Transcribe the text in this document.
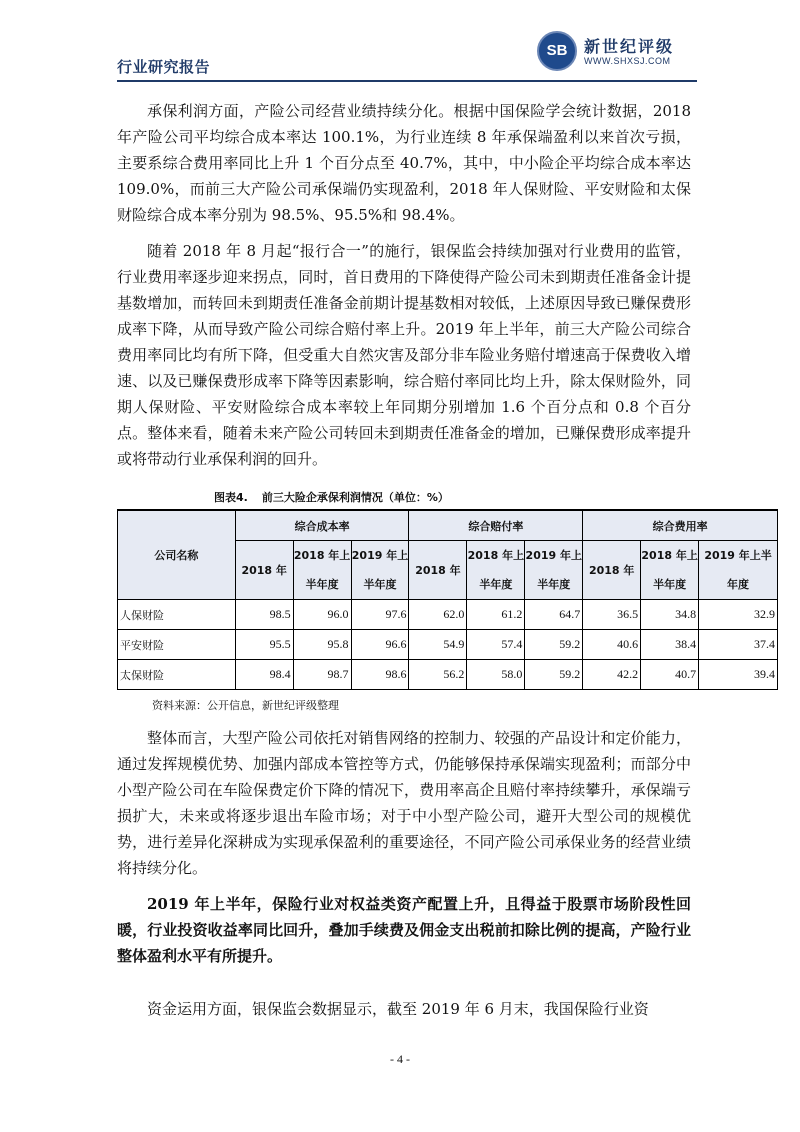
行业研究报告
SB	新世纪评级
WWW.SHXSJ.COM

承保利润方面，产险公司经营业绩持续分化。根据中国保险学会统计数据，2018年产险公司平均综合成本率达 100.1%，为行业连续 8 年承保端盈利以来首次亏损，主要系综合费用率同比上升 1 个百分点至 40.7%，其中，中小险企平均综合成本率达 109.0%，而前三大产险公司承保端仍实现盈利，2018 年人保财险、平安财险和太保财险综合成本率分别为 98.5%、95.5%和 98.4%。

随着 2018 年 8 月起“报行合一”的施行，银保监会持续加强对行业费用的监管，行业费用率逐步迎来拐点，同时，首日费用的下降使得产险公司未到期责任准备金计提基数增加，而转回未到期责任准备金前期计提基数相对较低，上述原因导致已赚保费形成率下降，从而导致产险公司综合赔付率上升。2019 年上半年，前三大产险公司综合费用率同比均有所下降，但受重大自然灾害及部分非车险业务赔付增速高于保费收入增速、以及已赚保费形成率下降等因素影响，综合赔付率同比均上升，除太保财险外，同期人保财险、平安财险综合成本率较上年同期分别增加 1.6 个百分点和 0.8 个百分点。整体来看，随着未来产险公司转回未到期责任准备金的增加，已赚保费形成率提升或将带动行业承保利润的回升。

图表4. 前三大险企承保利润情况（单位：%）
公司名称	综合成本率			综合赔付率			综合费用率		
	2018 年	2018 年上半年度	2019 年上半年度	2018 年	2018 年上半年度	2019 年上半年度	2018 年	2018 年上半年度	2019 年上半年度

人保财险	98.5	96.0	97.6	62.0	61.2	64.7	36.5	34.8	32.9
平安财险	95.5	95.8	96.6	54.9	57.4	59.2	40.6	38.4	37.4
太保财险	98.4	98.7	98.6	56.2	58.0	59.2	42.2	40.7	39.4
资料来源：公开信息，新世纪评级整理

整体而言，大型产险公司依托对销售网络的控制力、较强的产品设计和定价能力，通过发挥规模优势、加强内部成本管控等方式，仍能够保持承保端实现盈利；而部分中小型产险公司在车险保费定价下降的情况下，费用率高企且赔付率持续攀升，承保端亏损扩大，未来或将逐步退出车险市场；对于中小型产险公司，避开大型公司的规模优势，进行差异化深耕成为实现承保盈利的重要途径，不同产险公司承保业务的经营业绩将持续分化。

2019 年上半年，保险行业对权益类资产配置上升，且得益于股票市场阶段性回暖，行业投资收益率同比回升，叠加手续费及佣金支出税前扣除比例的提高，产险行业整体盈利水平有所提升。

资金运用方面，银保监会数据显示，截至 2019 年 6 月末，我国保险行业资

- 4 -
